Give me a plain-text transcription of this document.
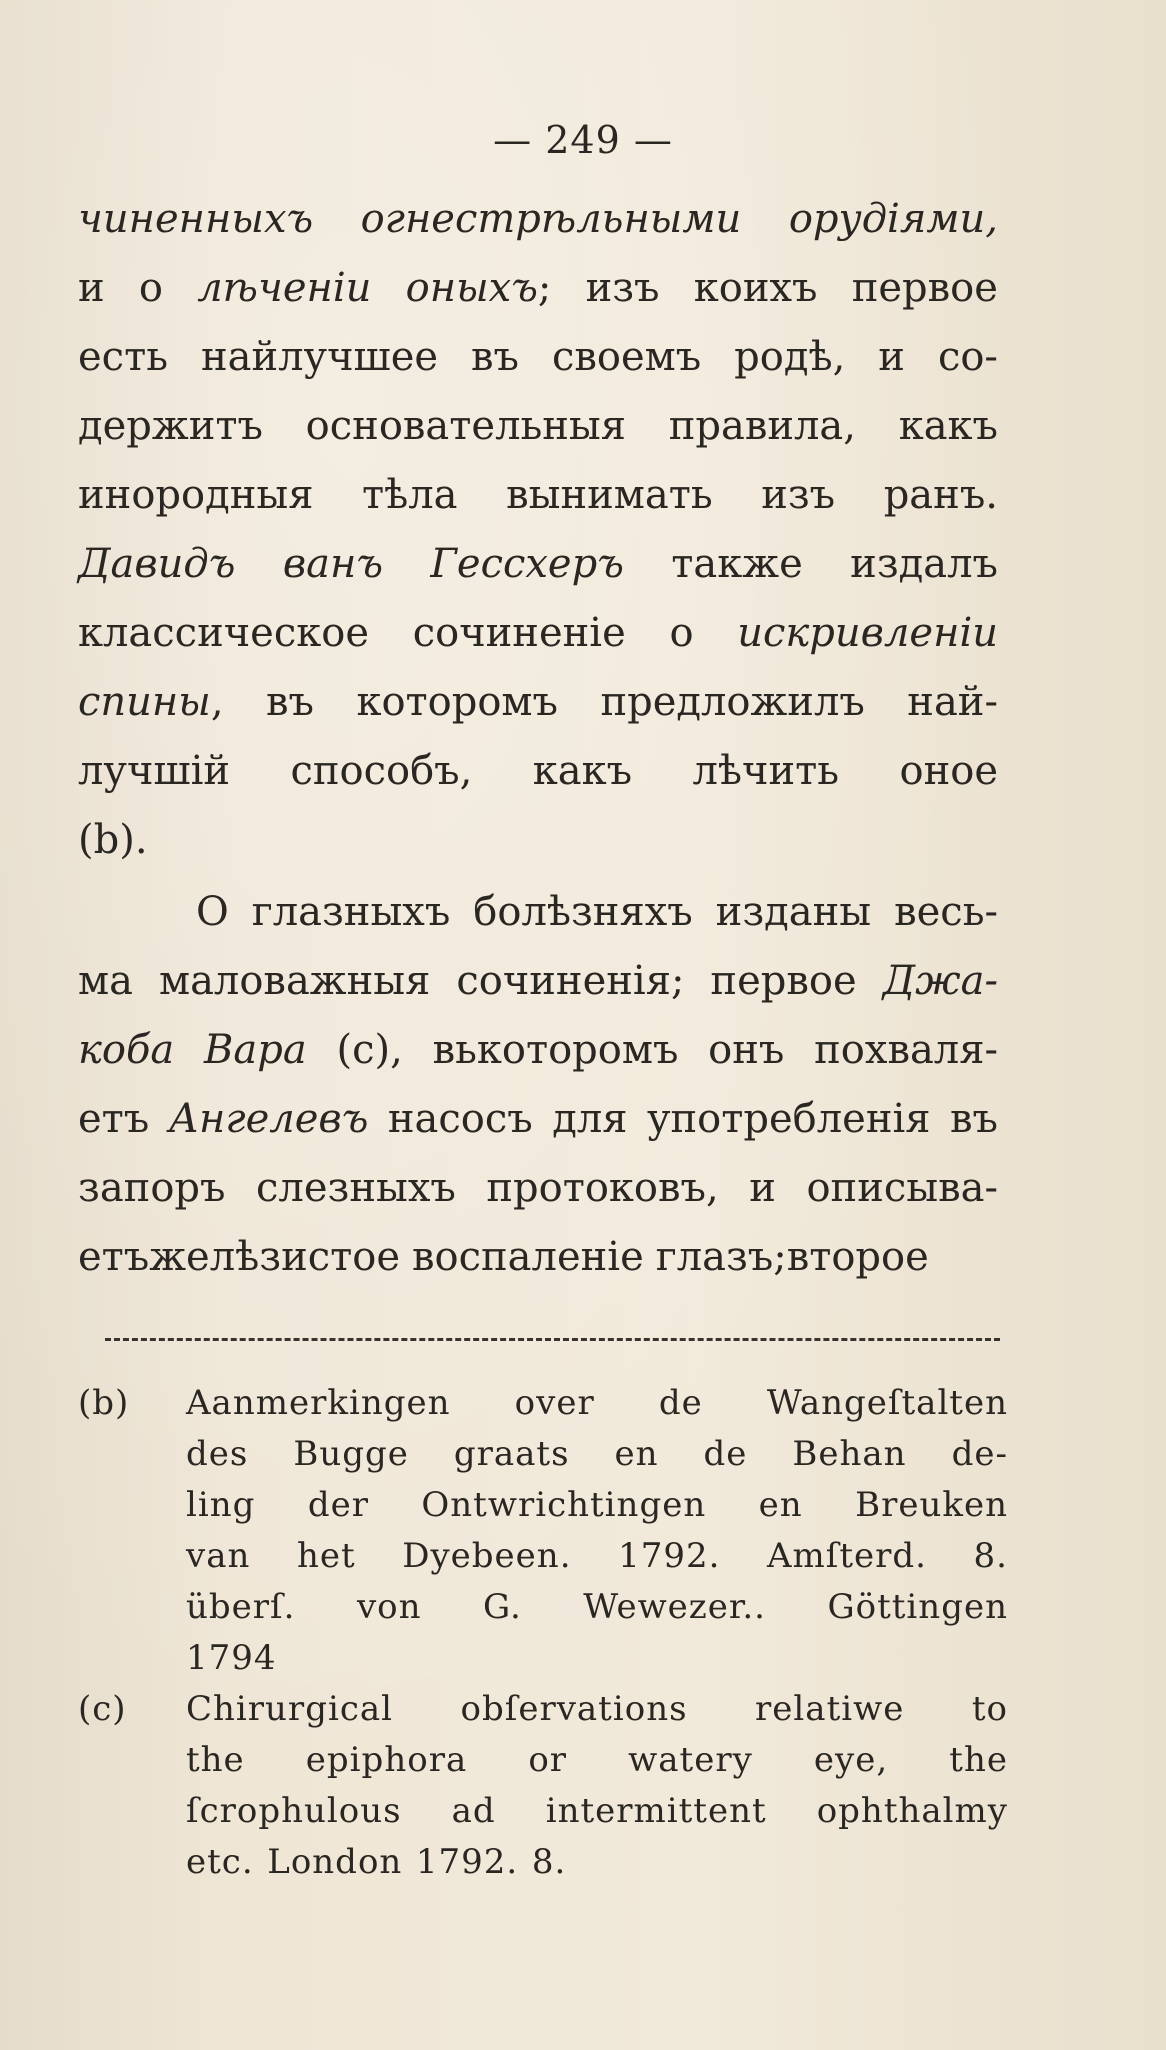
— 249 —
чиненныхъ огнестрѣльными орудiями,
и о лѣченiи оныхъ; изъ коихъ первое
есть найлучшее въ своемъ родѣ, и со-
держитъ основательныя правила, какъ
инородныя тѣла вынимать изъ ранъ.
Давидъ ванъ Гессхеръ также издалъ
классическое сочиненiе о искривленiи
спины, въ которомъ предложилъ най-
лучшiй способъ, какъ лѣчить оное
(b).
О глазныхъ болѣзняхъ изданы весь-
ма маловажныя сочиненiя; первое Джа-
коба Вара (c), вькоторомъ онъ похваля-
етъ Ангелевъ насосъ для употребленiя въ
запоръ слезныхъ протоковъ, и описыва-
етъжелѣзистое воспаленiе глазъ;второе
(b)	Aanmerkingen over de Wangeſtalten
des Bugge graats en de Behan de-
ling der Ontwrichtingen en Breuken
van het Dyebeen. 1792. Amſterd. 8.
überſ. von G. Wewezer.. Göttingen
1794
(c)	Chirurgical obſervations relatiwe to
the epiphora or watery eye, the
ſcrophulous ad intermittent ophthalmy
etc. London 1792. 8.
